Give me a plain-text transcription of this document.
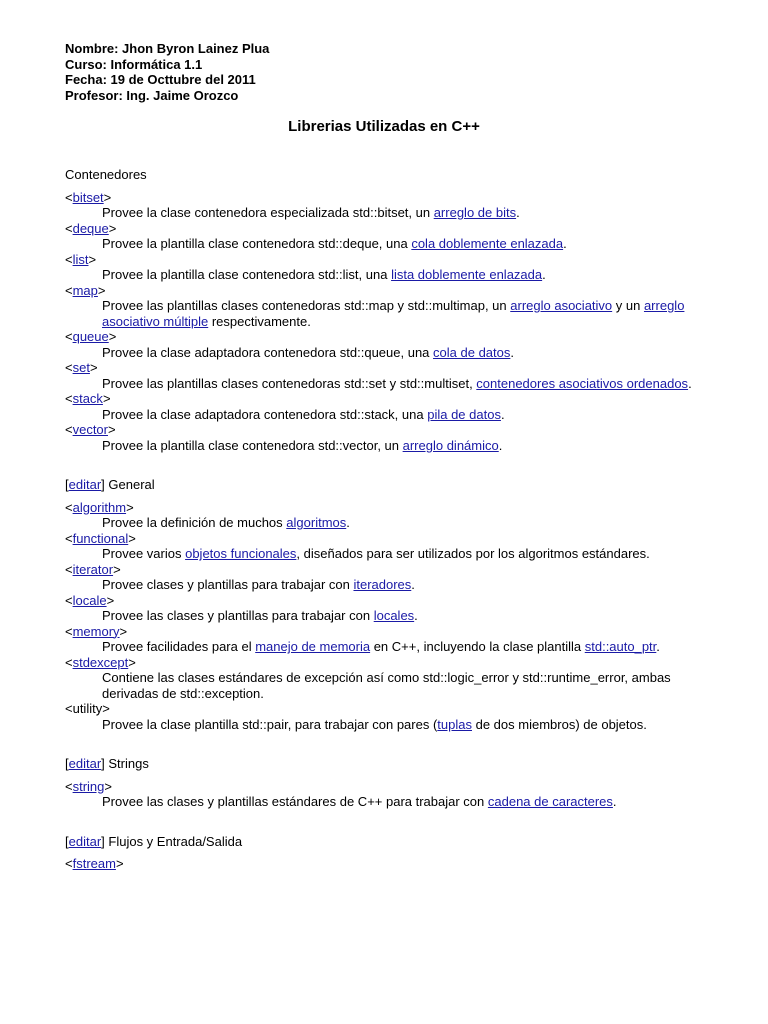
Nombre: Jhon Byron Lainez Plua
Curso: Informática 1.1
Fecha: 19 de Octtubre del 2011
Profesor: Ing. Jaime Orozco
Librerias Utilizadas en C++
Contenedores
<bitset>
Provee la clase contenedora especializada std::bitset, un arreglo de bits.
<deque>
Provee la plantilla clase contenedora std::deque, una cola doblemente enlazada.
<list>
Provee la plantilla clase contenedora std::list, una lista doblemente enlazada.
<map>
Provee las plantillas clases contenedoras std::map y std::multimap, un arreglo asociativo y un arreglo asociativo múltiple respectivamente.
<queue>
Provee la clase adaptadora contenedora std::queue, una cola de datos.
<set>
Provee las plantillas clases contenedoras std::set y std::multiset, contenedores asociativos ordenados.
<stack>
Provee la clase adaptadora contenedora std::stack, una pila de datos.
<vector>
Provee la plantilla clase contenedora std::vector, un arreglo dinámico.
[editar] General
<algorithm>
Provee la definición de muchos algoritmos.
<functional>
Provee varios objetos funcionales, diseñados para ser utilizados por los algoritmos estándares.
<iterator>
Provee clases y plantillas para trabajar con iteradores.
<locale>
Provee las clases y plantillas para trabajar con locales.
<memory>
Provee facilidades para el manejo de memoria en C++, incluyendo la clase plantilla std::auto_ptr.
<stdexcept>
Contiene las clases estándares de excepción así como std::logic_error y std::runtime_error, ambas derivadas de std::exception.
<utility>
Provee la clase plantilla std::pair, para trabajar con pares (tuplas de dos miembros) de objetos.
[editar] Strings
<string>
Provee las clases y plantillas estándares de C++ para trabajar con cadena de caracteres.
[editar] Flujos y Entrada/Salida
<fstream>
